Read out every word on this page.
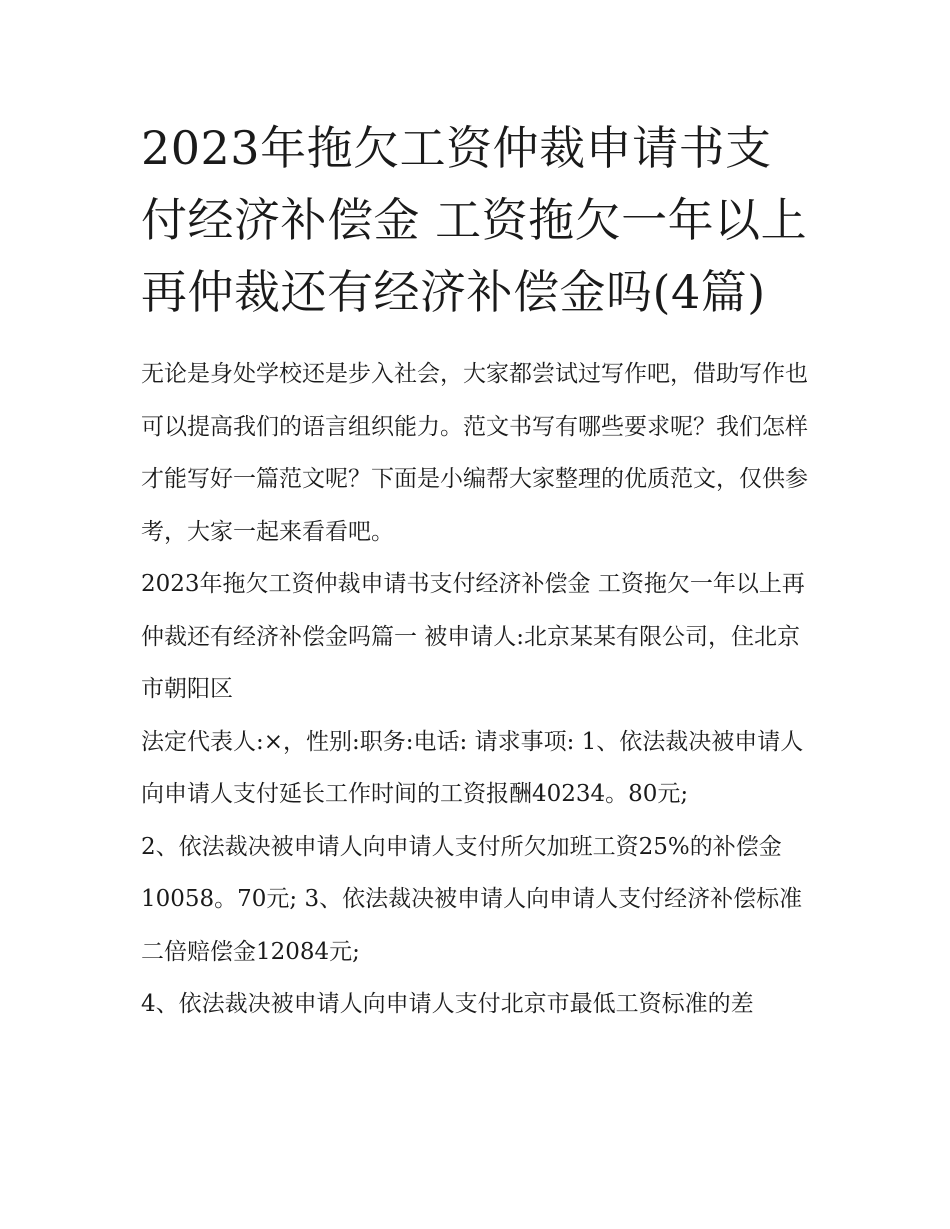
2023年拖欠工资仲裁申请书支付经济补偿金 工资拖欠一年以上再仲裁还有经济补偿金吗(4篇)

无论是身处学校还是步入社会，大家都尝试过写作吧，借助写作也可以提高我们的语言组织能力。范文书写有哪些要求呢？我们怎样才能写好一篇范文呢？下面是小编帮大家整理的优质范文，仅供参考，大家一起来看看吧。

2023年拖欠工资仲裁申请书支付经济补偿金 工资拖欠一年以上再仲裁还有经济补偿金吗篇一 被申请人:北京某某有限公司，住北京市朝阳区

法定代表人:×，性别:职务:电话: 请求事项: 1、依法裁决被申请人向申请人支付延长工作时间的工资报酬40234。80元;

2、依法裁决被申请人向申请人支付所欠加班工资25%的补偿金10058。70元; 3、依法裁决被申请人向申请人支付经济补偿标准二倍赔偿金12084元;

4、依法裁决被申请人向申请人支付北京市最低工资标准的差
